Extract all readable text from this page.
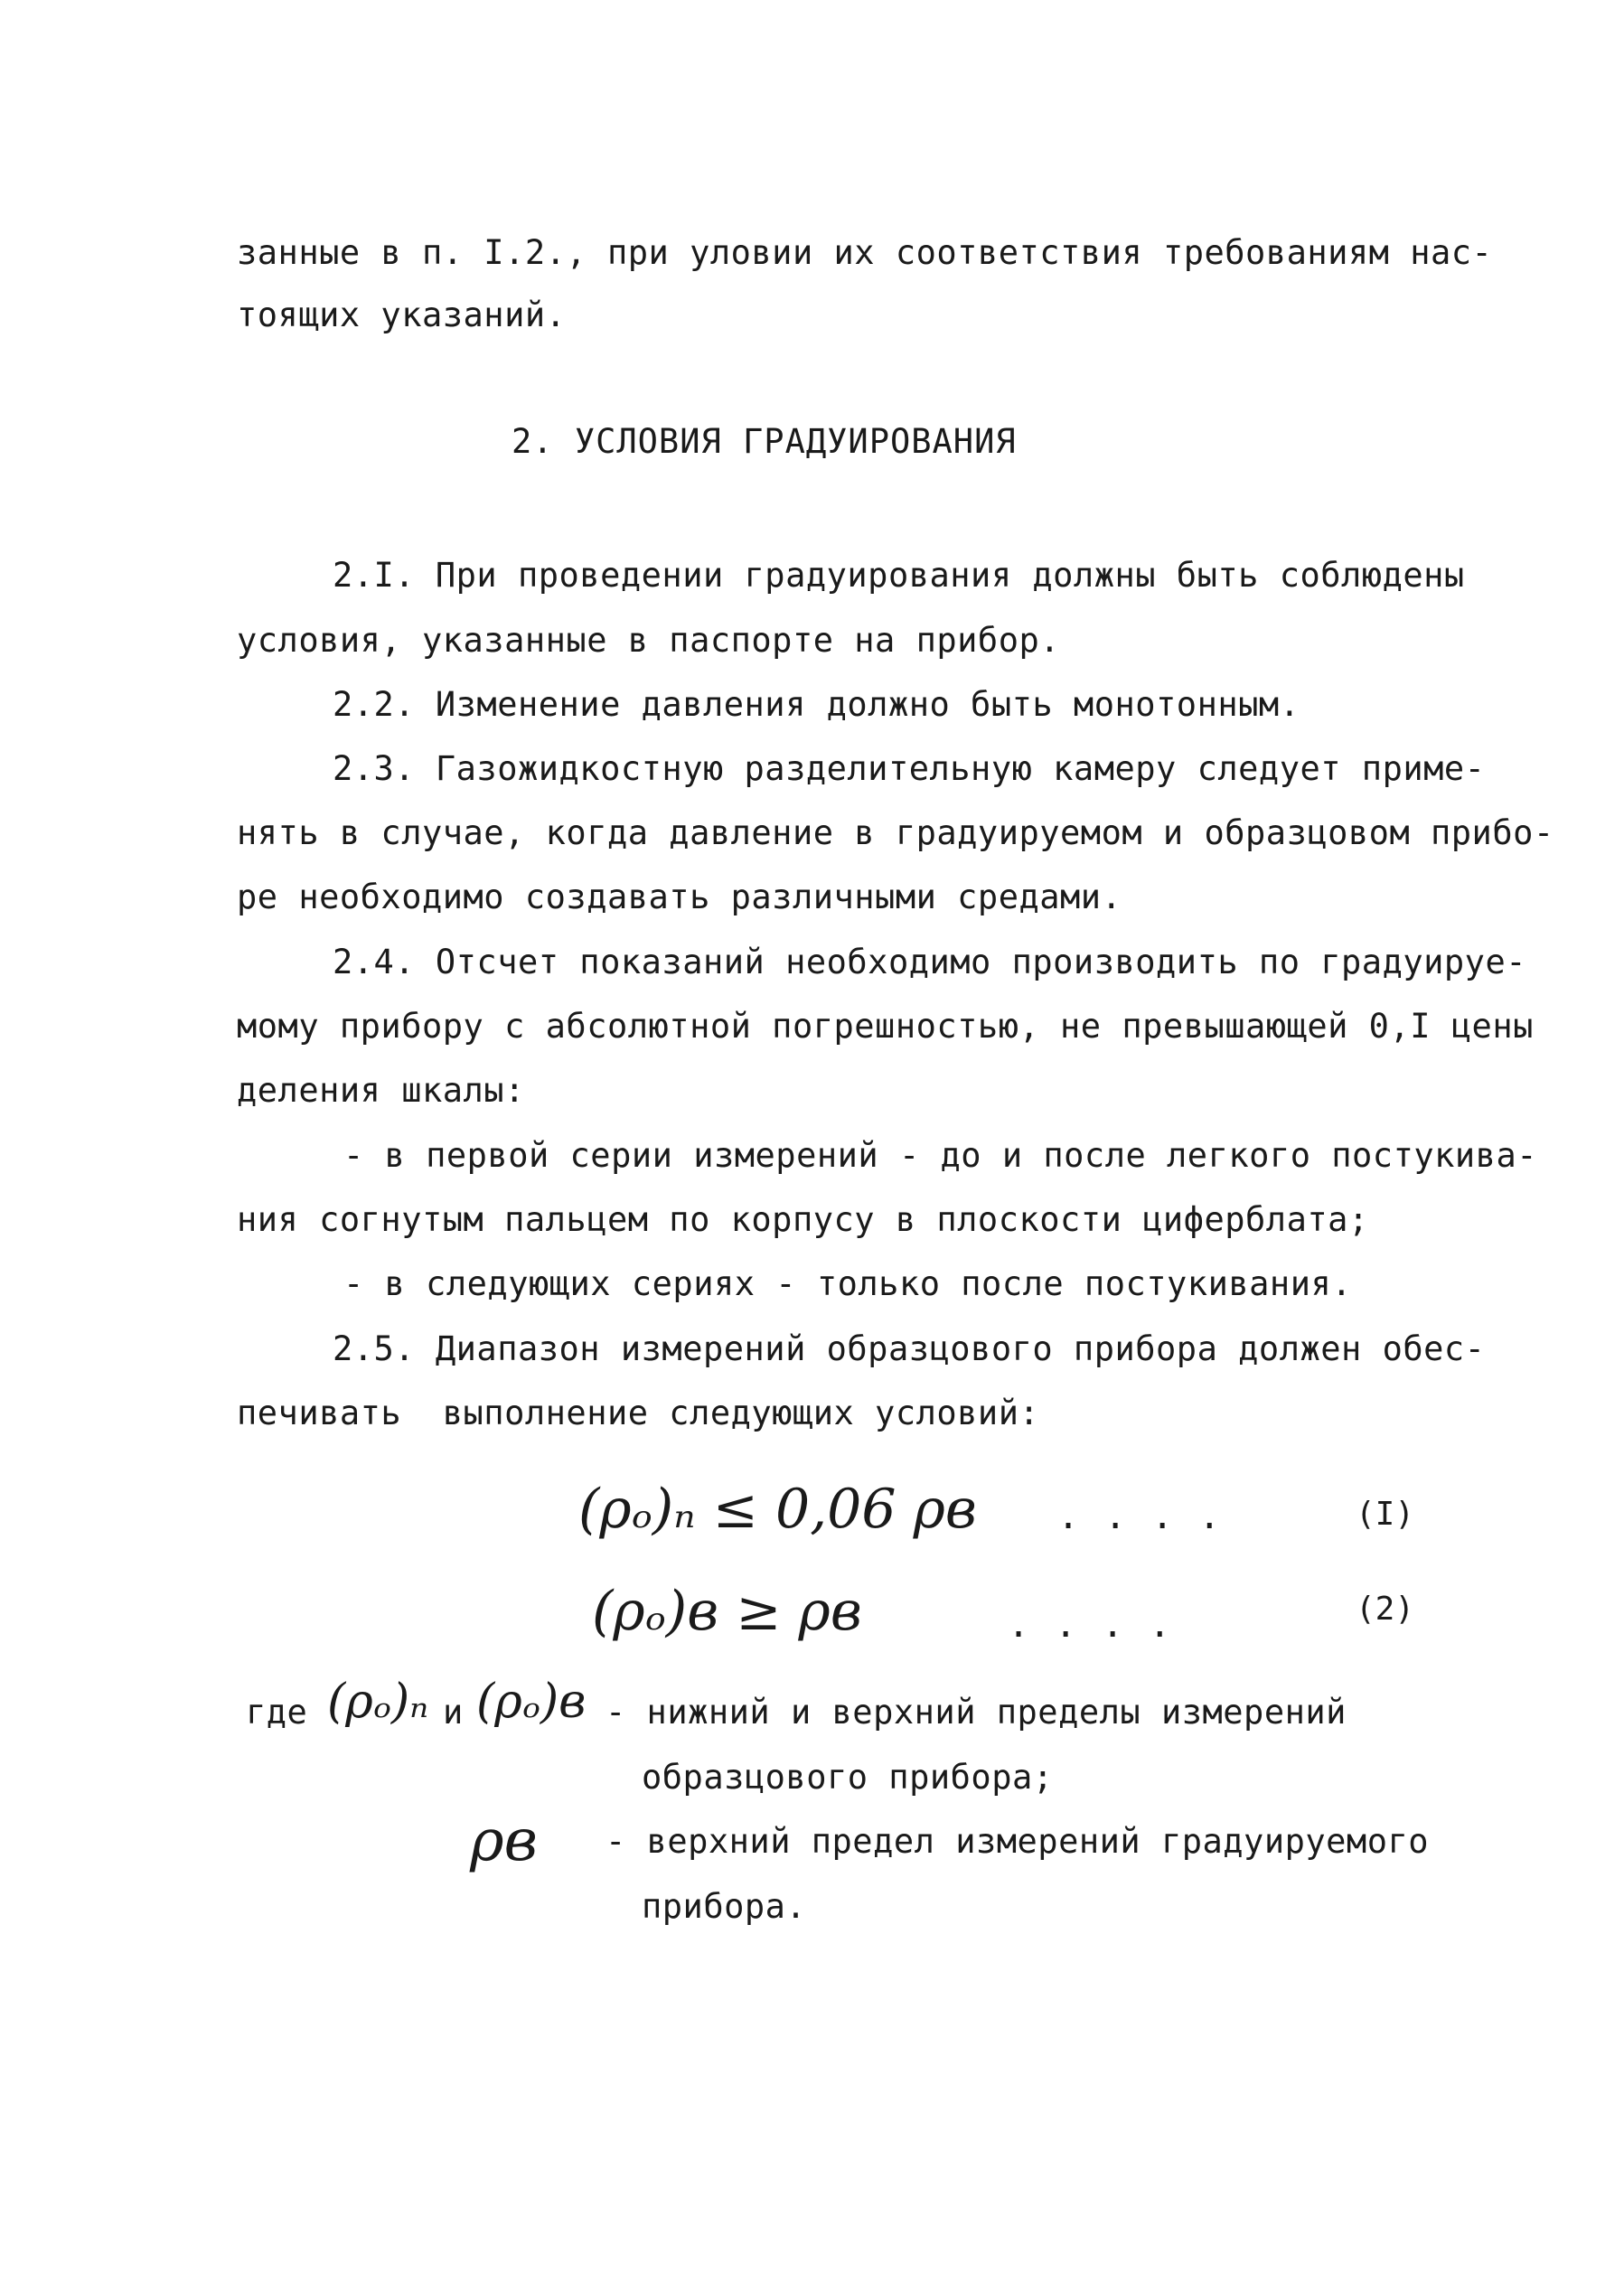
занные в п. I.2., при уловии их соответствия требованиям нас-
тоящих указаний.
2. УСЛОВИЯ ГРАДУИРОВАНИЯ
2.I. При проведении градуирования должны быть соблюдены
условия, указанные в паспорте на прибор.
2.2. Изменение давления должно быть монотонным.
2.3. Газожидкостную разделительную камеру следует приме-
нять в случае, когда давление в градуируемом и образцовом прибо-
ре необходимо создавать различными средами.
2.4. Отсчет показаний необходимо производить по градуируе-
мому прибору с абсолютной погрешностью, не превышающей 0,I цены
деления шкалы:
- в первой серии измерений - до и после легкого постукива-
ния согнутым пальцем по корпусу в плоскости циферблата;
- в следующих сериях - только после постукивания.
2.5. Диапазон измерений образцового прибора должен обес-
печивать  выполнение следующих условий:
(ρₒ)ₙ ≤ 0,06 ρв ....	(I)
(ρₒ)в ≥ ρв	....	(2)
где (ρₒ)ₙ и (ρₒ)в - нижний и верхний пределы измерений
образцового прибора;
ρв - верхний предел измерений градуируемого
прибора.
